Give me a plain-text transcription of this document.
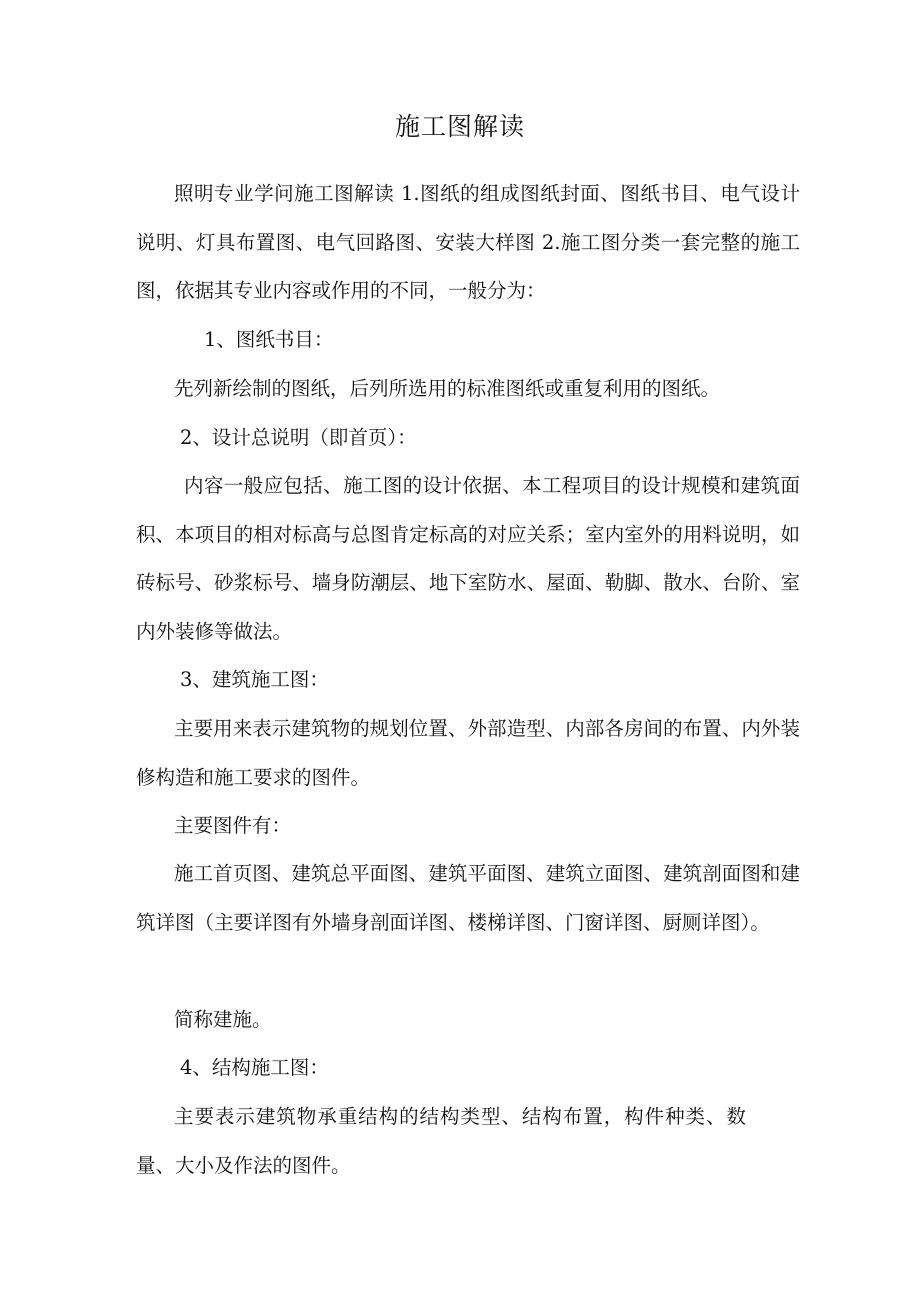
施工图解读

照明专业学问施工图解读 1.图纸的组成图纸封面、图纸书目、电气设计说明、灯具布置图、电气回路图、安装大样图 2.施工图分类一套完整的施工图，依据其专业内容或作用的不同，一般分为：

1、图纸书目：

先列新绘制的图纸，后列所选用的标准图纸或重复利用的图纸。

2、设计总说明（即首页）：

内容一般应包括、施工图的设计依据、本工程项目的设计规模和建筑面积、本项目的相对标高与总图肯定标高的对应关系；室内室外的用料说明，如砖标号、砂浆标号、墙身防潮层、地下室防水、屋面、勒脚、散水、台阶、室内外装修等做法。

3、建筑施工图：

主要用来表示建筑物的规划位置、外部造型、内部各房间的布置、内外装修构造和施工要求的图件。

主要图件有：

施工首页图、建筑总平面图、建筑平面图、建筑立面图、建筑剖面图和建筑详图（主要详图有外墙身剖面详图、楼梯详图、门窗详图、厨厕详图）。

简称建施。

4、结构施工图：

主要表示建筑物承重结构的结构类型、结构布置，构件种类、数量、大小及作法的图件。
